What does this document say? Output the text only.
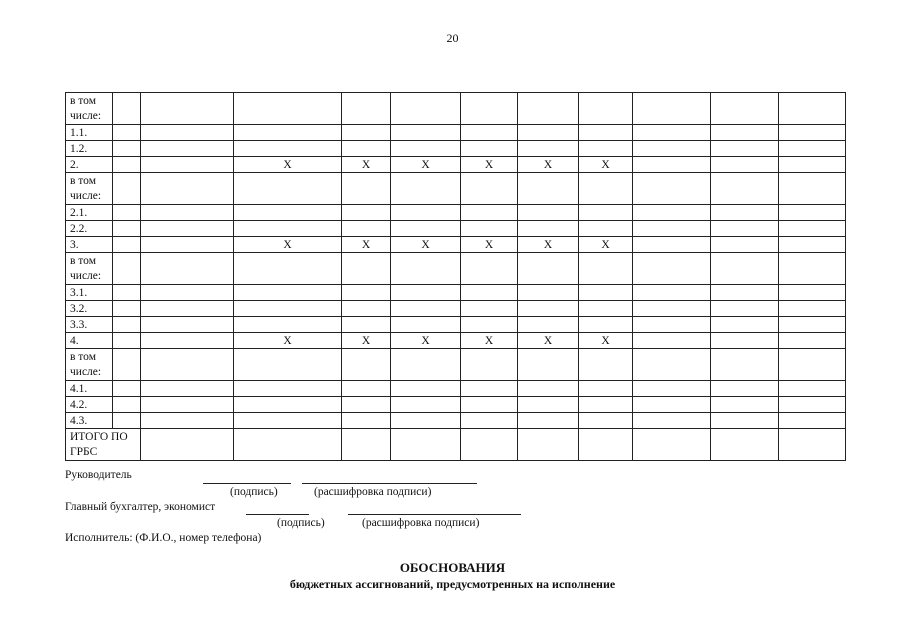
20
в том числе:											
1.1.											
1.2.											
2.			X	X	X	X	X	X			
в том числе:											
2.1.											
2.2.											
3.			X	X	X	X	X	X			
в том числе:											
3.1.											
3.2.											
3.3.											
4.			X	X	X	X	X	X			
в том числе:											
4.1.											
4.2.											
4.3.											
ИТОГО ПО ГРБС											
Руководитель
(подпись)	(расшифровка подписи)
Главный бухгалтер, экономист
(подпись)	(расшифровка подписи)
Исполнитель: (Ф.И.О., номер телефона)
ОБОСНОВАНИЯ
бюджетных ассигнований, предусмотренных на исполнение
